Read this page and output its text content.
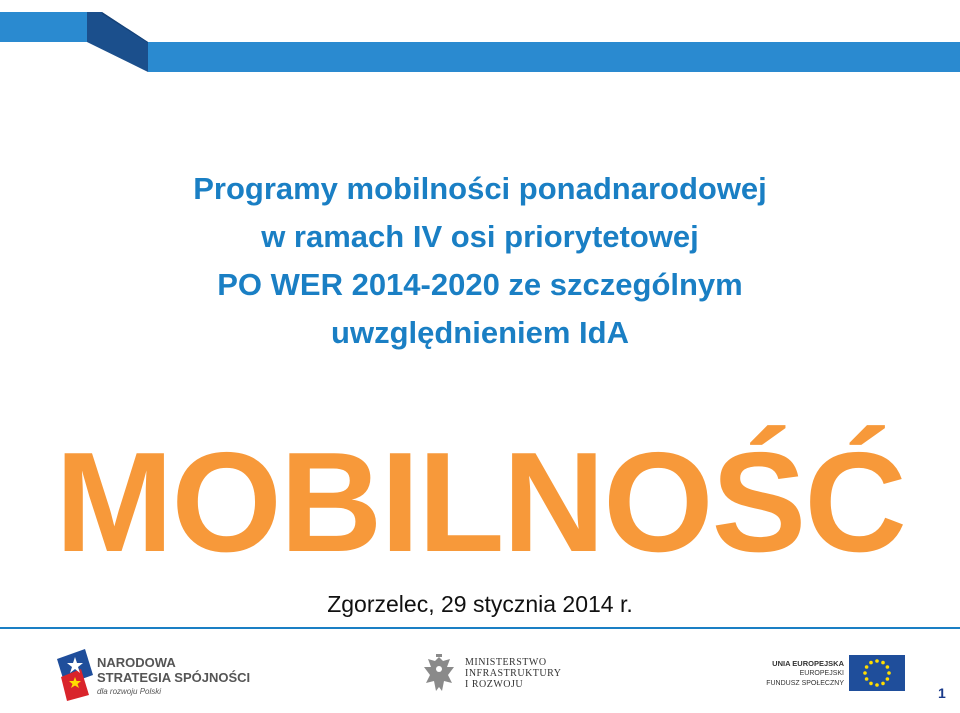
Programy mobilności ponadnarodowej
w ramach IV osi priorytetowej
PO WER 2014-2020 ze szczególnym
uwzględnieniem IdA
MOBILNOŚĆ
Zgorzelec, 29 stycznia 2014 r.
NARODOWA
STRATEGIA SPÓJNOŚCI
dla rozwoju Polski
MINISTERSTWO
INFRASTRUKTURY
I ROZWOJU
UNIA EUROPEJSKA
EUROPEJSKI
FUNDUSZ SPOŁECZNY
1
